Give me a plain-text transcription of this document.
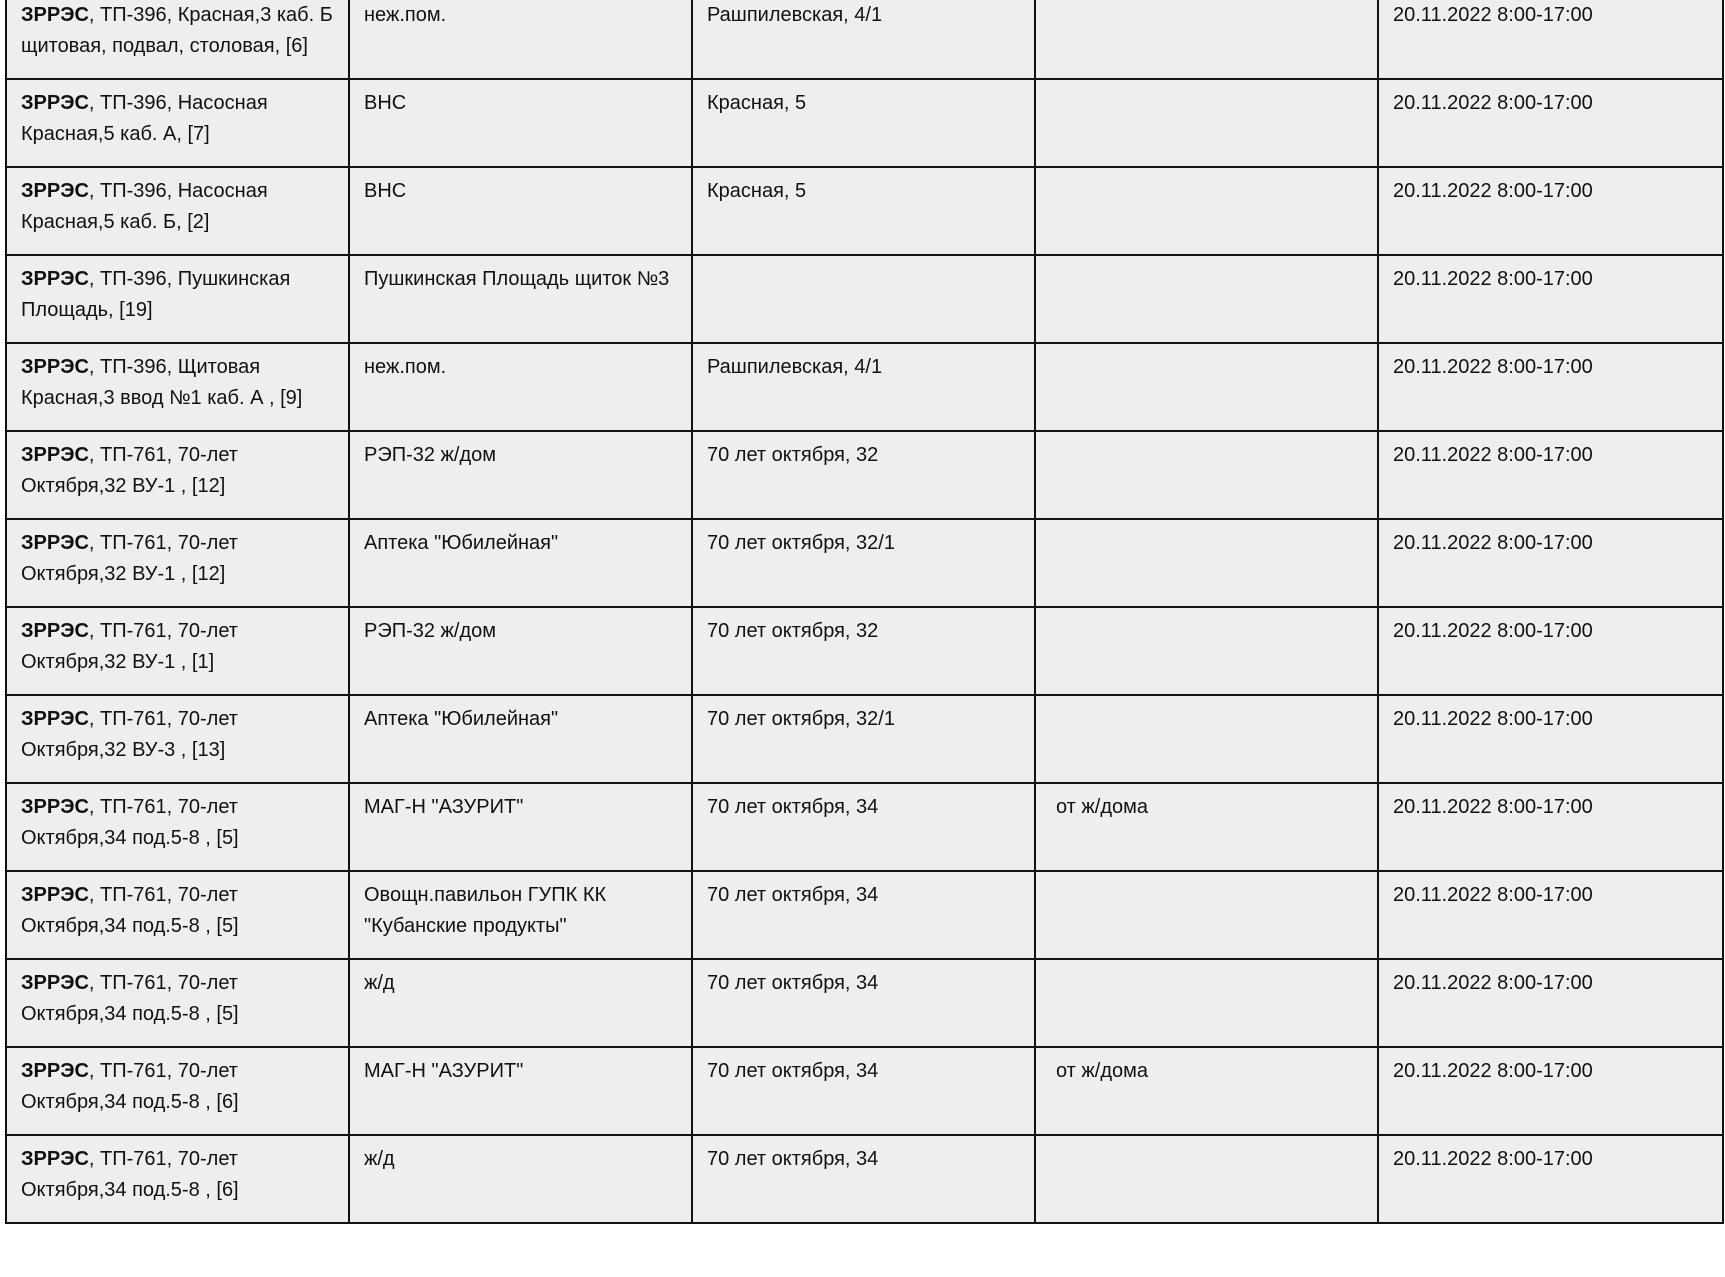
ЗРРЭС, ТП-396, Красная,3 каб. Б щитовая, подвал, столовая, [6]	неж.пом.	Рашпилевская, 4/1		20.11.2022 8:00-17:00
ЗРРЭС, ТП-396, Насосная Красная,5 каб. А, [7]	ВНС	Красная, 5		20.11.2022 8:00-17:00
ЗРРЭС, ТП-396, Насосная Красная,5 каб. Б, [2]	ВНС	Красная, 5		20.11.2022 8:00-17:00
ЗРРЭС, ТП-396, Пушкинская Площадь, [19]	Пушкинская Площадь щиток №3			20.11.2022 8:00-17:00
ЗРРЭС, ТП-396, Щитовая Красная,3 ввод №1 каб. А , [9]	неж.пом.	Рашпилевская, 4/1		20.11.2022 8:00-17:00
ЗРРЭС, ТП-761, 70-лет Октября,32 ВУ-1 , [12]	РЭП-32 ж/дом	70 лет октября, 32		20.11.2022 8:00-17:00
ЗРРЭС, ТП-761, 70-лет Октября,32 ВУ-1 , [12]	Аптека "Юбилейная"	70 лет октября, 32/1		20.11.2022 8:00-17:00
ЗРРЭС, ТП-761, 70-лет Октября,32 ВУ-1 , [1]	РЭП-32 ж/дом	70 лет октября, 32		20.11.2022 8:00-17:00
ЗРРЭС, ТП-761, 70-лет Октября,32 ВУ-3 , [13]	Аптека "Юбилейная"	70 лет октября, 32/1		20.11.2022 8:00-17:00
ЗРРЭС, ТП-761, 70-лет Октября,34 под.5-8 , [5]	МАГ-Н "АЗУРИТ"	70 лет октября, 34	от ж/дома	20.11.2022 8:00-17:00
ЗРРЭС, ТП-761, 70-лет Октября,34 под.5-8 , [5]	Овощн.павильон ГУПК КК "Кубанские продукты"	70 лет октября, 34		20.11.2022 8:00-17:00
ЗРРЭС, ТП-761, 70-лет Октября,34 под.5-8 , [5]	ж/д	70 лет октября, 34		20.11.2022 8:00-17:00
ЗРРЭС, ТП-761, 70-лет Октября,34 под.5-8 , [6]	МАГ-Н "АЗУРИТ"	70 лет октября, 34	от ж/дома	20.11.2022 8:00-17:00
ЗРРЭС, ТП-761, 70-лет Октября,34 под.5-8 , [6]	ж/д	70 лет октября, 34		20.11.2022 8:00-17:00
